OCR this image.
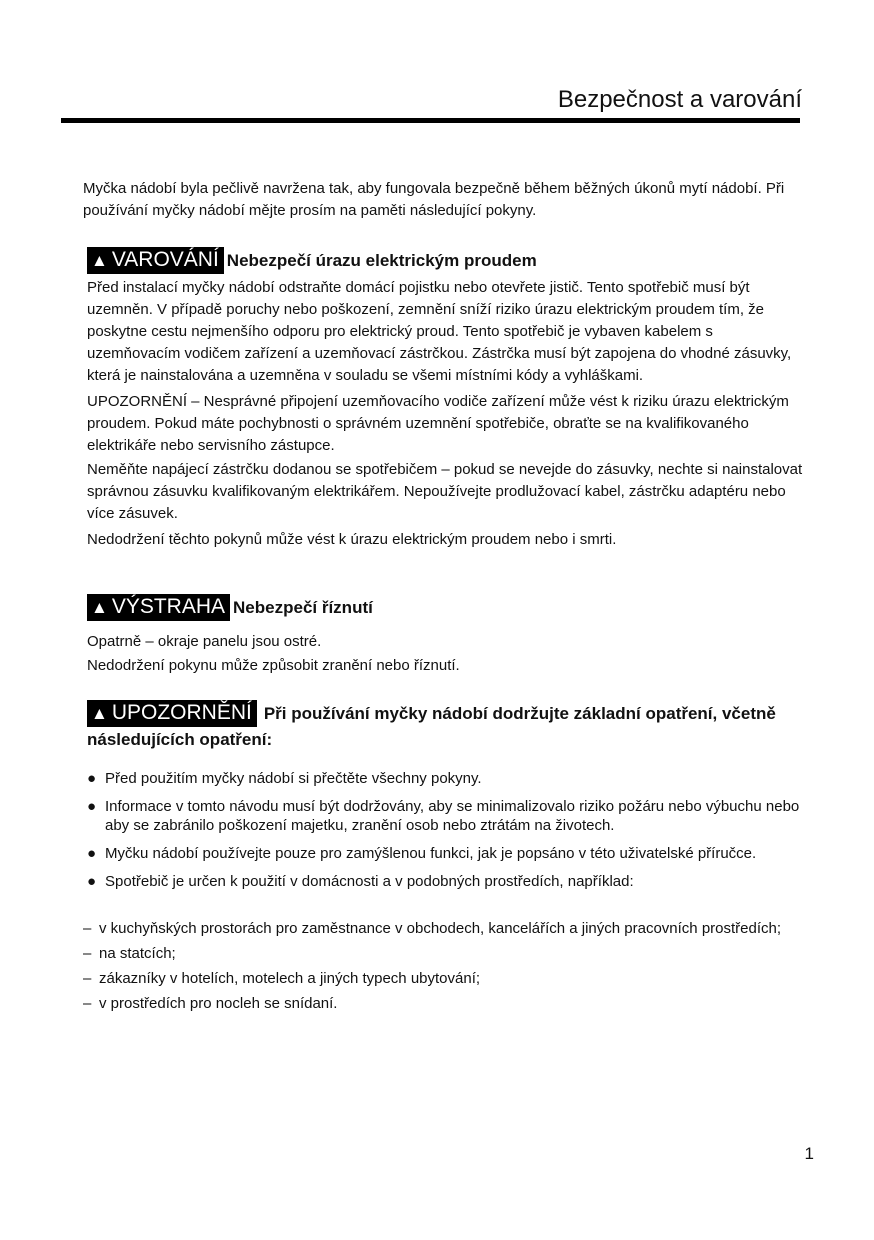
Bezpečnost a varování
Myčka nádobí byla pečlivě navržena tak, aby fungovala bezpečně během běžných úkonů mytí nádobí. Při používání myčky nádobí mějte prosím na paměti následující pokyny.
▲ VAROVÁNÍ Nebezpečí úrazu elektrickým proudem

Před instalací myčky nádobí odstraňte domácí pojistku nebo otevřete jistič. Tento spotřebič musí být uzemněn. V případě poruchy nebo poškození, zemnění sníží riziko úrazu elektrickým proudem tím, že poskytne cestu nejmenšího odporu pro elektrický proud. Tento spotřebič je vybaven kabelem s uzemňovacím vodičem zařízení a uzemňovací zástrčkou. Zástrčka musí být zapojena do vhodné zásuvky, která je nainstalována a uzemněna v souladu se všemi místními kódy a vyhláškami.

UPOZORNĚNÍ – Nesprávné připojení uzemňovacího vodiče zařízení může vést k riziku úrazu elektrickým proudem. Pokud máte pochybnosti o správném uzemnění spotřebiče, obraťte se na kvalifikovaného elektrikáře nebo servisního zástupce.

Neměňte napájecí zástrčku dodanou se spotřebičem – pokud se nevejde do zásuvky, nechte si nainstalovat správnou zásuvku kvalifikovaným elektrikářem. Nepoužívejte prodlužovací kabel, zástrčku adaptéru nebo více zásuvek.

Nedodržení těchto pokynů může vést k úrazu elektrickým proudem nebo i smrti.

▲ VÝSTRAHA Nebezpečí říznutí

Opatrně – okraje panelu jsou ostré.

Nedodržení pokynu může způsobit zranění nebo říznutí.

▲ UPOZORNĚNÍ Při používání myčky nádobí dodržujte základní opatření, včetně následujících opatření:
● Před použitím myčky nádobí si přečtěte všechny pokyny.
● Informace v tomto návodu musí být dodržovány, aby se minimalizovalo riziko požáru nebo výbuchu nebo aby se zabránilo poškození majetku, zranění osob nebo ztrátám na životech.
● Myčku nádobí používejte pouze pro zamýšlenou funkci, jak je popsáno v této uživatelské příručce.
● Spotřebič je určen k použití v domácnosti a v podobných prostředích, například:
– v kuchyňských prostorách pro zaměstnance v obchodech, kancelářích a jiných pracovních prostředích;
– na statcích;
– zákazníky v hotelích, motelech a jiných typech ubytování;
– v prostředích pro nocleh se snídaní.
1
